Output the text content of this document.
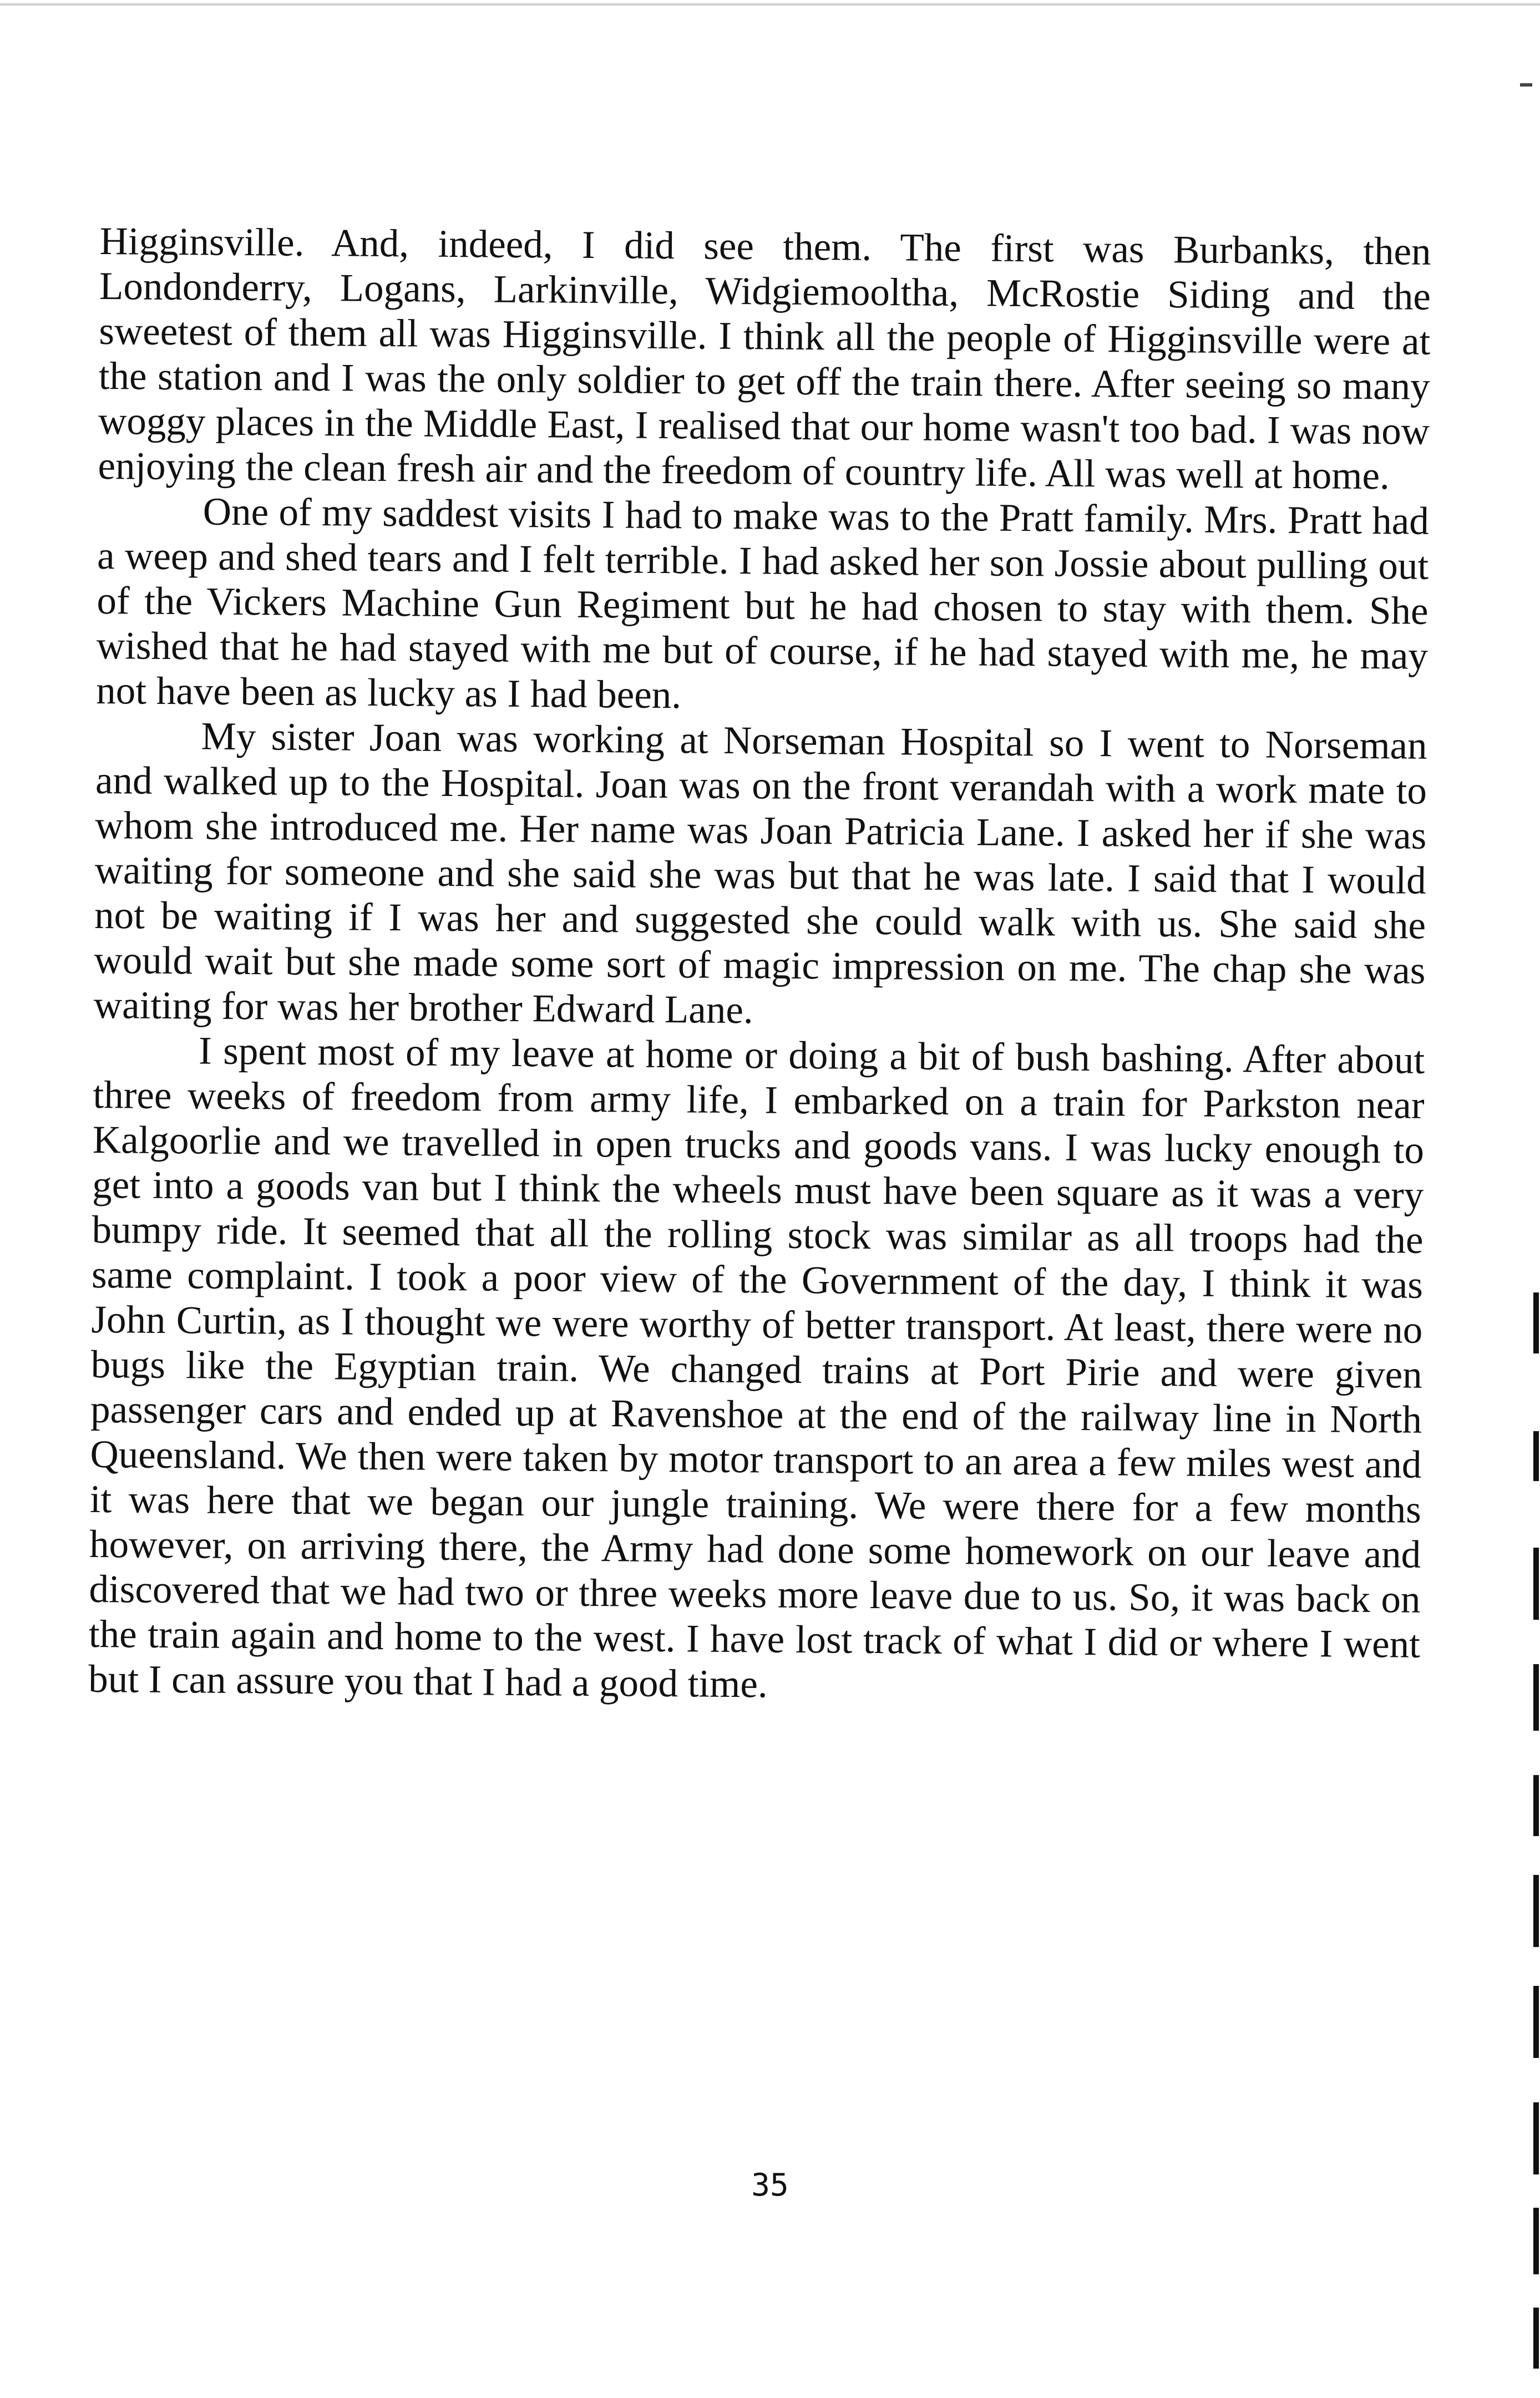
Higginsville. And, indeed, I did see them. The first was Burbanks, then Londonderry, Logans, Larkinville, Widgiemooltha, McRostie Siding and the sweetest of them all was Higginsville. I think all the people of Higginsville were at the station and I was the only soldier to get off the train there. After seeing so many woggy places in the Middle East, I realised that our home wasn't too bad. I was now enjoying the clean fresh air and the freedom of country life. All was well at home.

One of my saddest visits I had to make was to the Pratt family. Mrs. Pratt had a weep and shed tears and I felt terrible. I had asked her son Jossie about pulling out of the Vickers Machine Gun Regiment but he had chosen to stay with them. She wished that he had stayed with me but of course, if he had stayed with me, he may not have been as lucky as I had been.

My sister Joan was working at Norseman Hospital so I went to Norseman and walked up to the Hospital. Joan was on the front verandah with a work mate to whom she introduced me. Her name was Joan Patricia Lane. I asked her if she was waiting for someone and she said she was but that he was late. I said that I would not be waiting if I was her and suggested she could walk with us. She said she would wait but she made some sort of magic impression on me. The chap she was waiting for was her brother Edward Lane.

I spent most of my leave at home or doing a bit of bush bashing. After about three weeks of freedom from army life, I embarked on a train for Parkston near Kalgoorlie and we travelled in open trucks and goods vans. I was lucky enough to get into a goods van but I think the wheels must have been square as it was a very bumpy ride. It seemed that all the rolling stock was similar as all troops had the same complaint. I took a poor view of the Government of the day, I think it was John Curtin, as I thought we were worthy of better transport. At least, there were no bugs like the Egyptian train. We changed trains at Port Pirie and were given passenger cars and ended up at Ravenshoe at the end of the railway line in North Queensland. We then were taken by motor transport to an area a few miles west and it was here that we began our jungle training. We were there for a few months however, on arriving there, the Army had done some homework on our leave and discovered that we had two or three weeks more leave due to us. So, it was back on the train again and home to the west. I have lost track of what I did or where I went but I can assure you that I had a good time.

35
